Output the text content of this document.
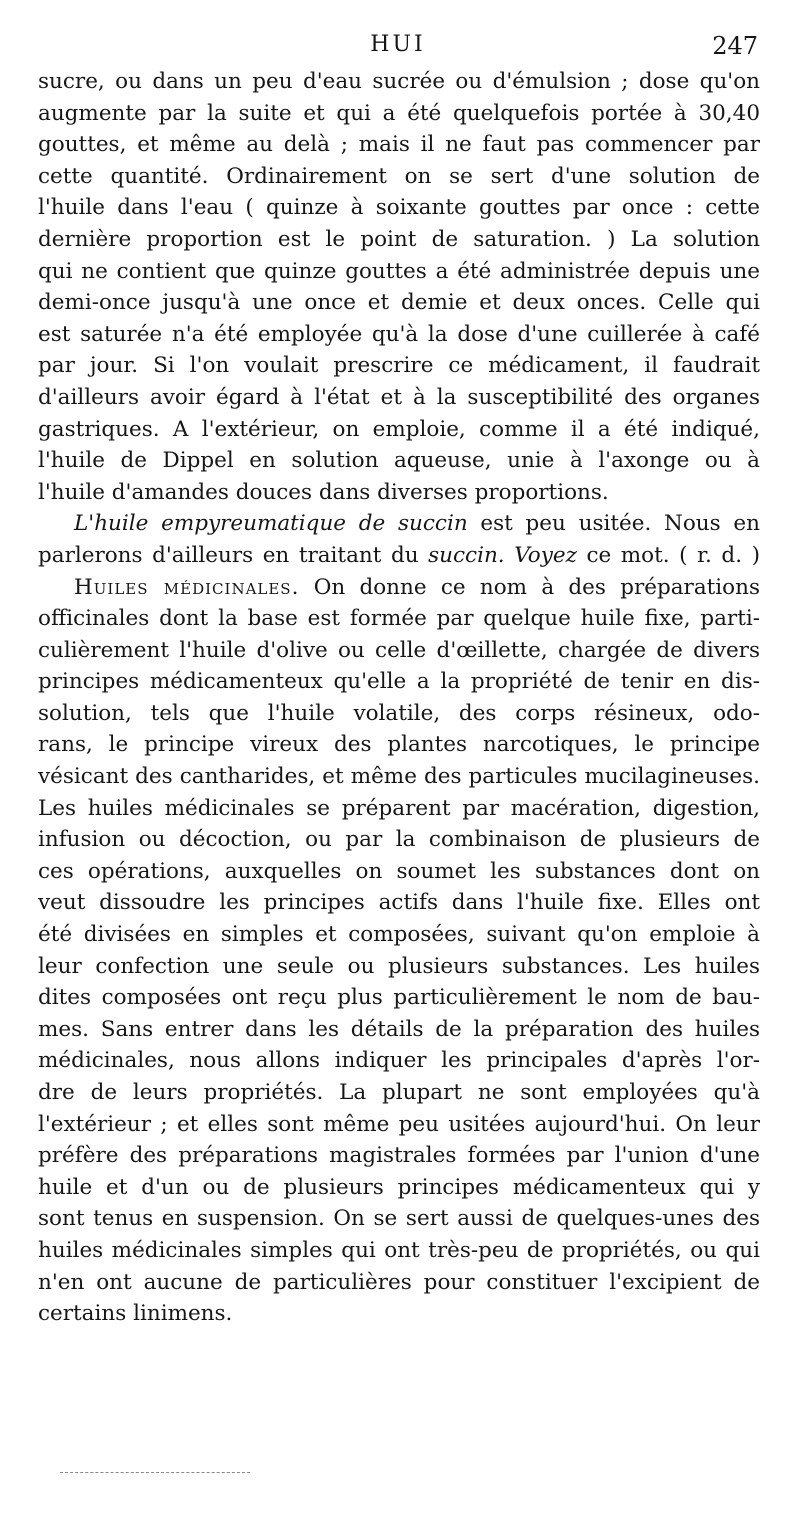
HUI	247
sucre, ou dans un peu d'eau sucrée ou d'émulsion ; dose qu'on
augmente par la suite et qui a été quelquefois portée à 30,40
gouttes, et même au delà ; mais il ne faut pas commencer par
cette quantité. Ordinairement on se sert d'une solution de
l'huile dans l'eau ( quinze à soixante gouttes par once : cette
dernière proportion est le point de saturation. ) La solution
qui ne contient que quinze gouttes a été administrée depuis une
demi-once jusqu'à une once et demie et deux onces. Celle qui
est saturée n'a été employée qu'à la dose d'une cuillerée à café
par jour. Si l'on voulait prescrire ce médicament, il faudrait
d'ailleurs avoir égard à l'état et à la susceptibilité des organes
gastriques. A l'extérieur, on emploie, comme il a été indiqué,
l'huile de Dippel en solution aqueuse, unie à l'axonge ou à
l'huile d'amandes douces dans diverses proportions.
L'huile empyreumatique de succin est peu usitée. Nous en
parlerons d'ailleurs en traitant du succin. Voyez ce mot. ( r. d. )
Huiles médicinales. On donne ce nom à des préparations
officinales dont la base est formée par quelque huile fixe, parti-
culièrement l'huile d'olive ou celle d'œillette, chargée de divers
principes médicamenteux qu'elle a la propriété de tenir en dis-
solution, tels que l'huile volatile, des corps résineux, odo-
rans, le principe vireux des plantes narcotiques, le principe
vésicant des cantharides, et même des particules mucilagineuses.
Les huiles médicinales se préparent par macération, digestion,
infusion ou décoction, ou par la combinaison de plusieurs de
ces opérations, auxquelles on soumet les substances dont on
veut dissoudre les principes actifs dans l'huile fixe. Elles ont
été divisées en simples et composées, suivant qu'on emploie à
leur confection une seule ou plusieurs substances. Les huiles
dites composées ont reçu plus particulièrement le nom de bau-
mes. Sans entrer dans les détails de la préparation des huiles
médicinales, nous allons indiquer les principales d'après l'or-
dre de leurs propriétés. La plupart ne sont employées qu'à
l'extérieur ; et elles sont même peu usitées aujourd'hui. On leur
préfère des préparations magistrales formées par l'union d'une
huile et d'un ou de plusieurs principes médicamenteux qui y
sont tenus en suspension. On se sert aussi de quelques-unes des
huiles médicinales simples qui ont très-peu de propriétés, ou qui
n'en ont aucune de particulières pour constituer l'excipient de
certains linimens.
